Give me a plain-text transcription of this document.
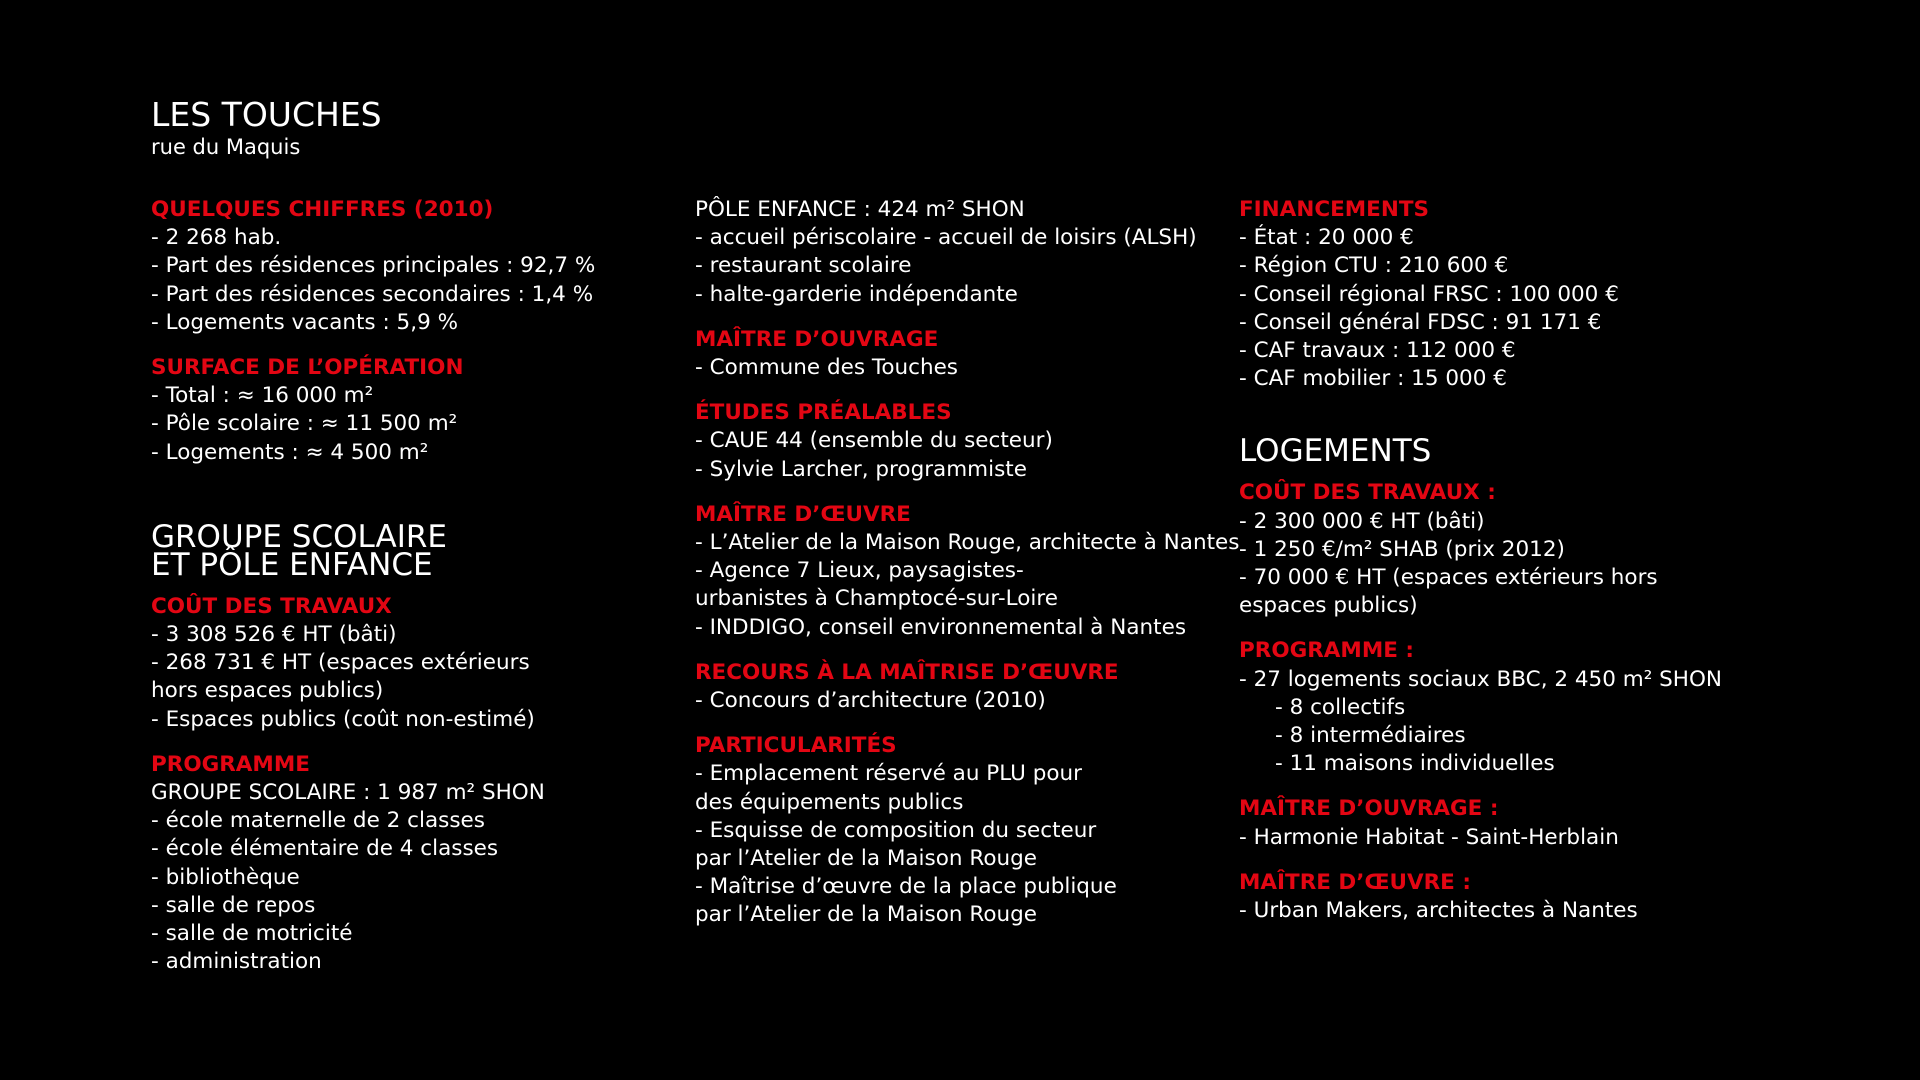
LES TOUCHES
rue du Maquis
QUELQUES CHIFFRES (2010)
- 2 268 hab.
- Part des résidences principales : 92,7 %
- Part des résidences secondaires : 1,4 %
- Logements vacants : 5,9 %
SURFACE DE L’OPÉRATION
- Total : ≈ 16 000 m²
- Pôle scolaire : ≈ 11 500 m²
- Logements : ≈ 4 500 m²
GROUPE SCOLAIRE
ET PÔLE ENFANCE
COÛT DES TRAVAUX
- 3 308 526 € HT (bâti)
- 268 731 € HT (espaces extérieurs hors espaces publics)
- Espaces publics (coût non-estimé)
PROGRAMME
GROUPE SCOLAIRE : 1 987 m² SHON
- école maternelle de 2 classes
- école élémentaire de 4 classes
- bibliothèque
- salle de repos
- salle de motricité
- administration
PÔLE ENFANCE : 424 m² SHON
- accueil périscolaire - accueil de loisirs (ALSH)
- restaurant scolaire
- halte-garderie indépendante
MAÎTRE D’OUVRAGE
- Commune des Touches
ÉTUDES PRÉALABLES
- CAUE 44 (ensemble du secteur)
- Sylvie Larcher, programmiste
MAÎTRE D’ŒUVRE
- L’Atelier de la Maison Rouge, architecte à Nantes
- Agence 7 Lieux, paysagistes-urbanistes à Champtocé-sur-Loire
- INDDIGO, conseil environnemental à Nantes
RECOURS À LA MAÎTRISE D’ŒUVRE
- Concours d’architecture (2010)
PARTICULARITÉS
- Emplacement réservé au PLU pour des équipements publics
- Esquisse de composition du secteur par l’Atelier de la Maison Rouge
- Maîtrise d’œuvre de la place publique par l’Atelier de la Maison Rouge
FINANCEMENTS
- État : 20 000 €
- Région CTU : 210 600 €
- Conseil régional FRSC : 100 000 €
- Conseil général FDSC : 91 171 €
- CAF travaux : 112 000 €
- CAF mobilier : 15 000 €
LOGEMENTS
COÛT DES TRAVAUX :
- 2 300 000 € HT (bâti)
- 1 250 €/m² SHAB (prix 2012)
- 70 000 € HT (espaces extérieurs hors espaces publics)
PROGRAMME :
- 27 logements sociaux BBC, 2 450 m² SHON
- 8 collectifs
- 8 intermédiaires
- 11 maisons individuelles
MAÎTRE D’OUVRAGE :
- Harmonie Habitat - Saint-Herblain
MAÎTRE D’ŒUVRE :
- Urban Makers, architectes à Nantes
